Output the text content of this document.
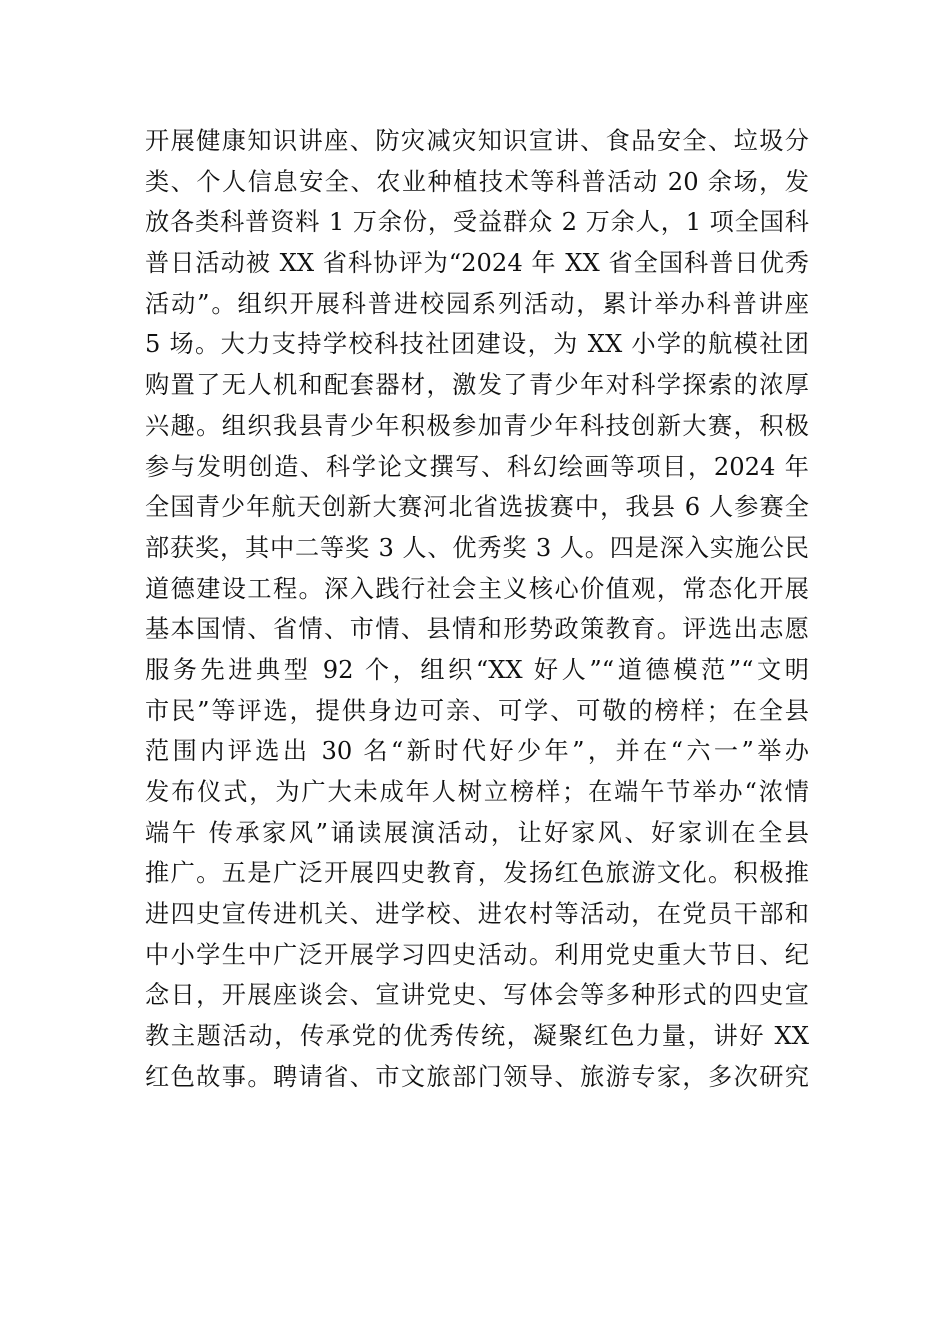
开展健康知识讲座、防灾减灾知识宣讲、食品安全、垃圾分
类、个人信息安全、农业种植技术等科普活动 20 余场，发
放各类科普资料 1 万余份，受益群众 2 万余人，1 项全国科
普日活动被 XX 省科协评为“2024 年 XX 省全国科普日优秀
活动”。组织开展科普进校园系列活动，累计举办科普讲座
5 场。大力支持学校科技社团建设，为 XX 小学的航模社团
购置了无人机和配套器材，激发了青少年对科学探索的浓厚
兴趣。组织我县青少年积极参加青少年科技创新大赛，积极
参与发明创造、科学论文撰写、科幻绘画等项目，2024 年
全国青少年航天创新大赛河北省选拔赛中，我县 6 人参赛全
部获奖，其中二等奖 3 人、优秀奖 3 人。四是深入实施公民
道德建设工程。深入践行社会主义核心价值观，常态化开展
基本国情、省情、市情、县情和形势政策教育。评选出志愿
服务先进典型 92 个，组织“XX 好人”“道德模范”“文明
市民”等评选，提供身边可亲、可学、可敬的榜样；在全县
范围内评选出 30 名“新时代好少年”，并在“六一”举办
发布仪式，为广大未成年人树立榜样；在端午节举办“浓情
端午 传承家风”诵读展演活动，让好家风、好家训在全县
推广。五是广泛开展四史教育，发扬红色旅游文化。积极推
进四史宣传进机关、进学校、进农村等活动，在党员干部和
中小学生中广泛开展学习四史活动。利用党史重大节日、纪
念日，开展座谈会、宣讲党史、写体会等多种形式的四史宣
教主题活动，传承党的优秀传统，凝聚红色力量，讲好 XX
红色故事。聘请省、市文旅部门领导、旅游专家，多次研究
